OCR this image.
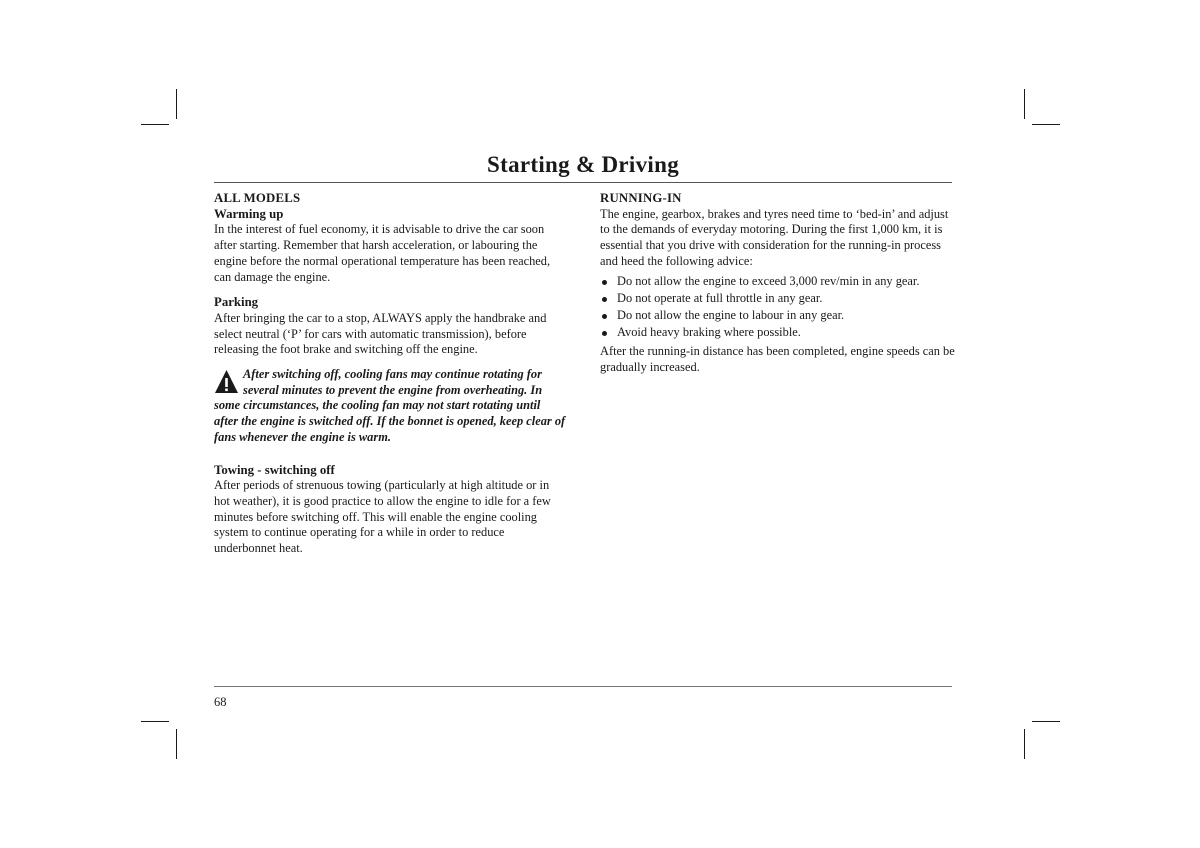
Starting & Driving
ALL MODELS
Warming up

In the interest of fuel economy, it is advisable to drive the car soon after starting. Remember that harsh acceleration, or labouring the engine before the normal operational temperature has been reached, can damage the engine.

Parking

After bringing the car to a stop, ALWAYS apply the handbrake and select neutral (‘P’ for cars with automatic transmission), before releasing the foot brake and switching off the engine.

After switching off, cooling fans may continue rotating for several minutes to prevent the engine from overheating. In some circumstances, the cooling fan may not start rotating until after the engine is switched off. If the bonnet is opened, keep clear of fans whenever the engine is warm.
Towing - switching off

After periods of strenuous towing (particularly at high altitude or in hot weather), it is good practice to allow the engine to idle for a few minutes before switching off. This will enable the engine cooling system to continue operating for a while in order to reduce underbonnet heat.

RUNNING-IN

The engine, gearbox, brakes and tyres need time to ‘bed-in’ and adjust to the demands of everyday motoring. During the first 1,000 km, it is essential that you drive with consideration for the running-in process and heed the following advice:

Do not allow the engine to exceed 3,000 rev/min in any gear.
Do not operate at full throttle in any gear.
Do not allow the engine to labour in any gear.
Avoid heavy braking where possible.

After the running-in distance has been completed, engine speeds can be gradually increased.

68
